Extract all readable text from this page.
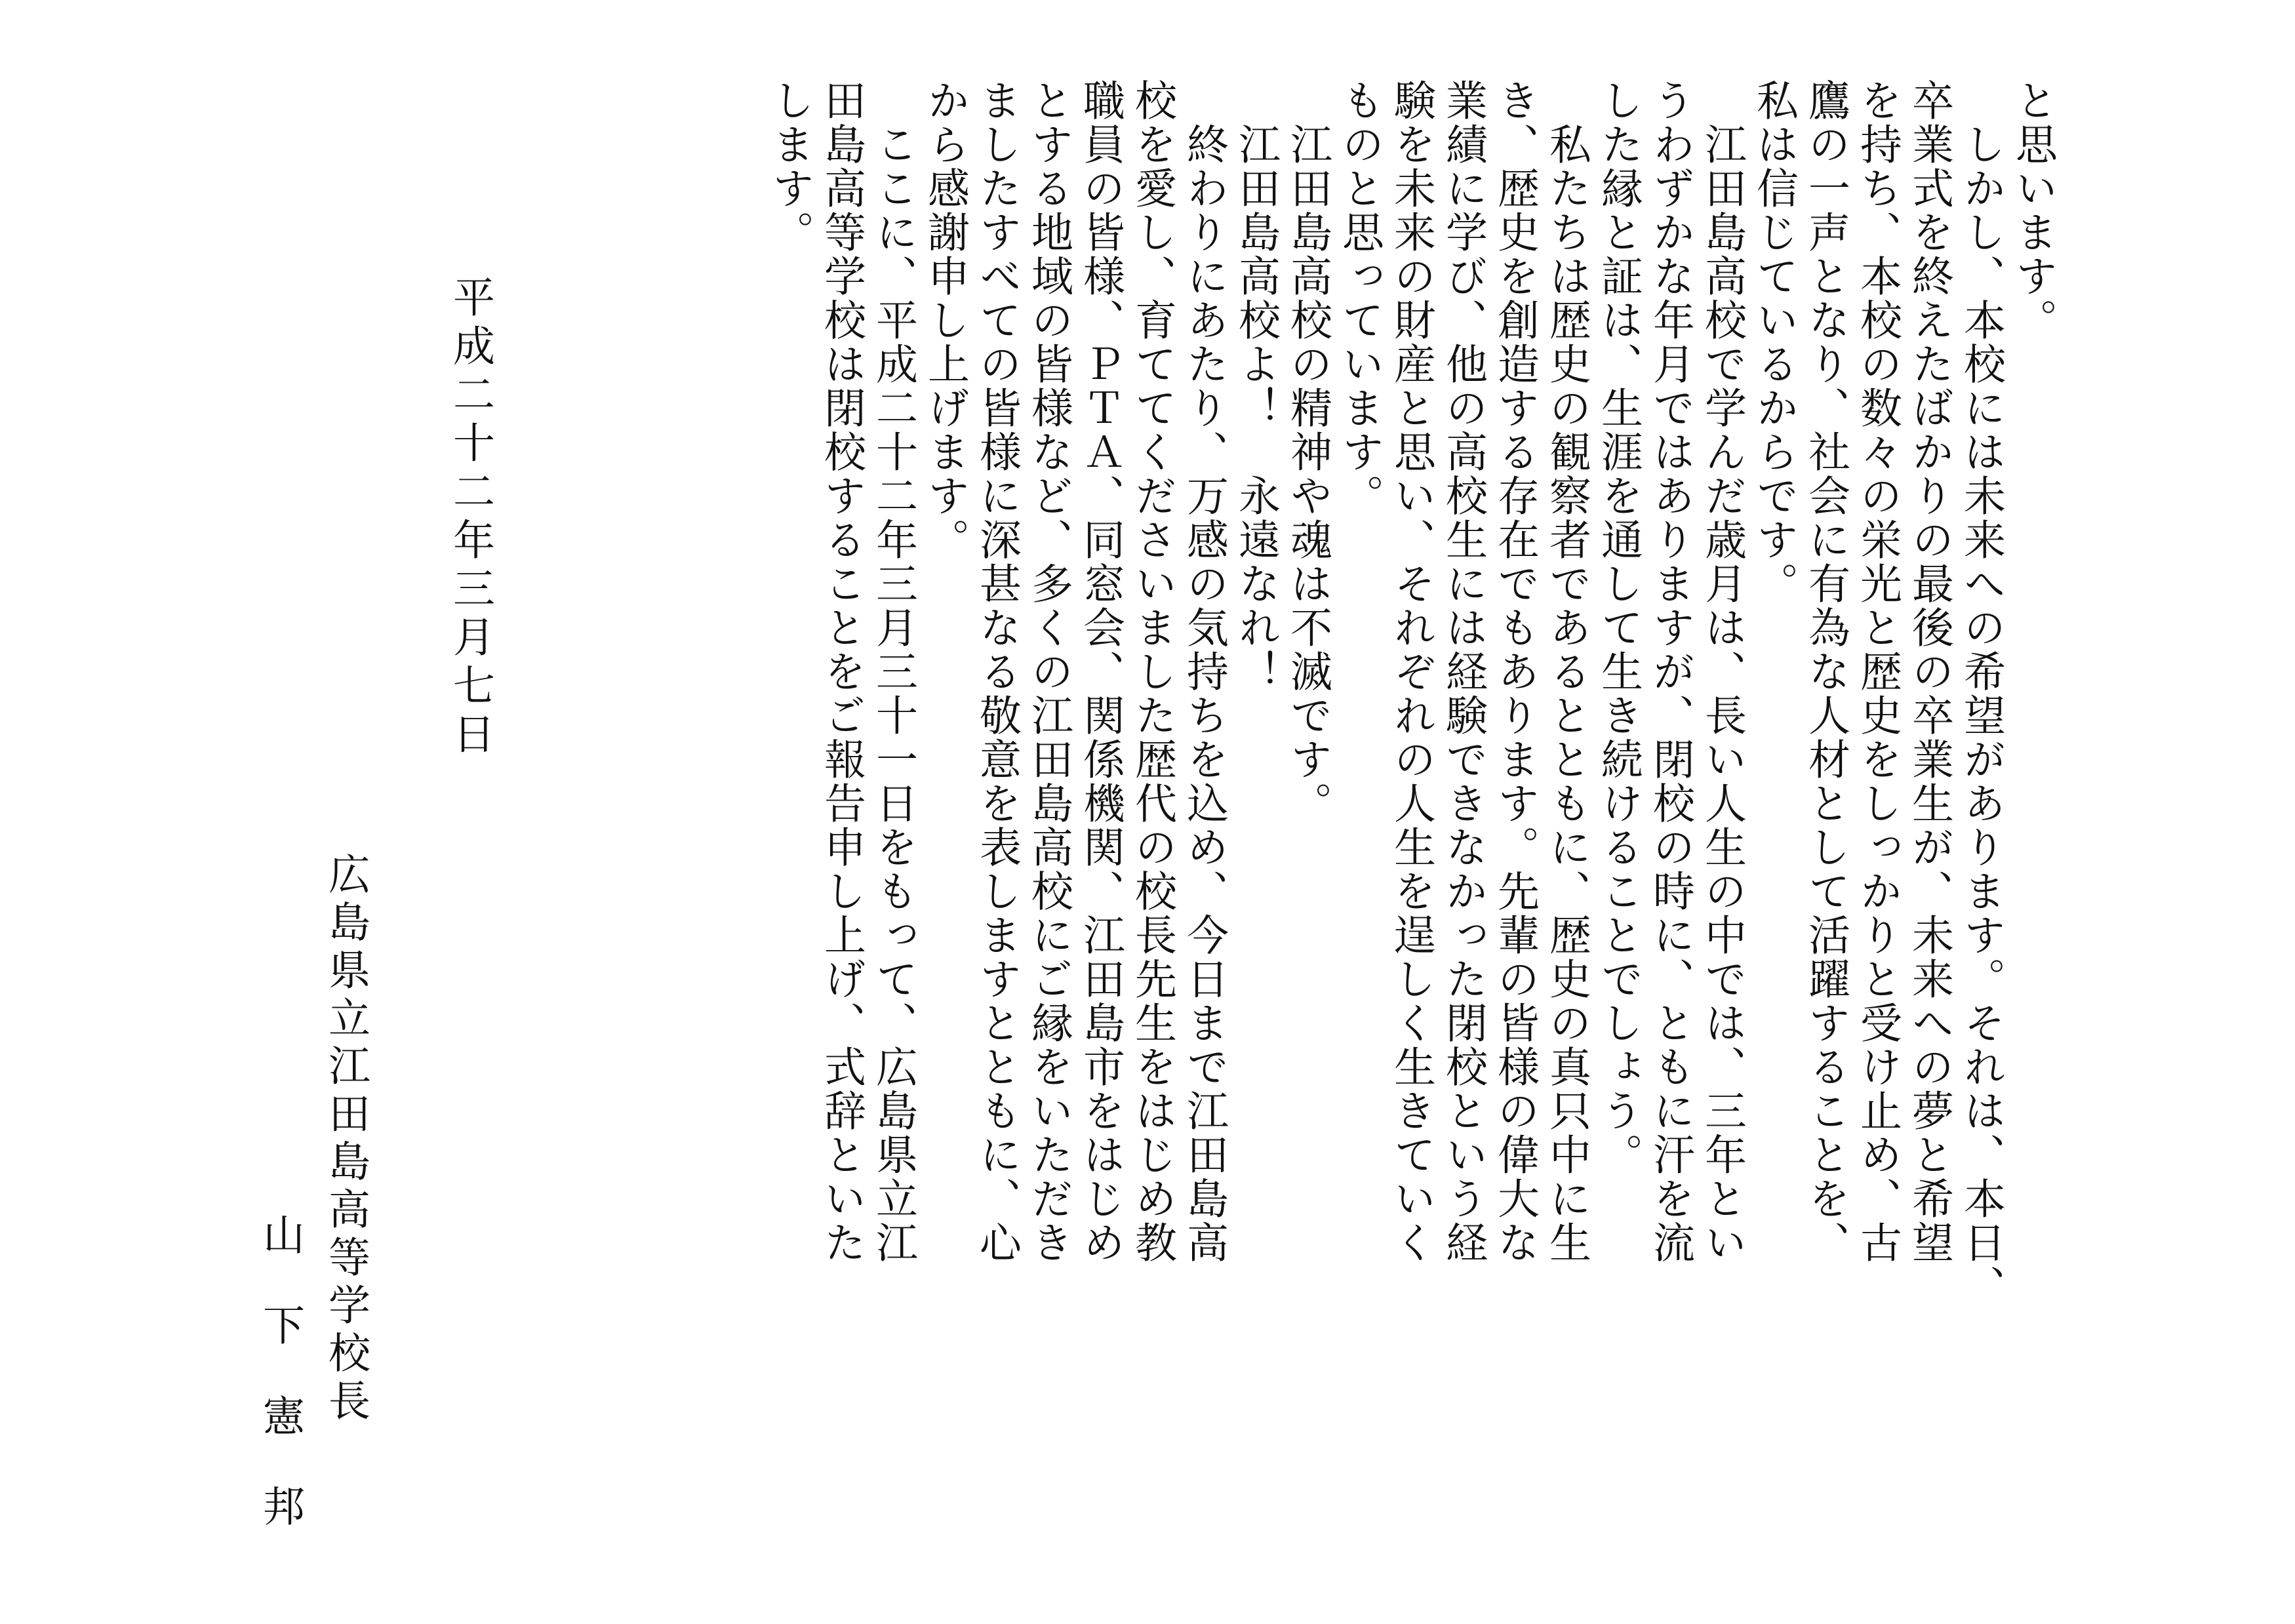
と思います。
　しかし、本校には未来への希望があります。それは、本日、
卒業式を終えたばかりの最後の卒業生が、未来への夢と希望
を持ち、本校の数々の栄光と歴史をしっかりと受け止め、古
鷹の一声となり、社会に有為な人材として活躍することを、
私は信じているからです。
　江田島高校で学んだ歳月は、長い人生の中では、三年とい
うわずかな年月ではありますが、閉校の時に、ともに汗を流
した縁と証は、生涯を通して生き続けることでしょう。
　私たちは歴史の観察者であるとともに、歴史の真只中に生
き、歴史を創造する存在でもあります。先輩の皆様の偉大な
業績に学び、他の高校生には経験できなかった閉校という経
験を未来の財産と思い、それぞれの人生を逞しく生きていく
ものと思っています。
　江田島高校の精神や魂は不滅です。
　江田島高校よ！　永遠なれ！
　終わりにあたり、万感の気持ちを込め、今日まで江田島高
校を愛し、育ててくださいました歴代の校長先生をはじめ教
職員の皆様、ＰＴＡ、同窓会、関係機関、江田島市をはじめ
とする地域の皆様など、多くの江田島高校にご縁をいただき
ましたすべての皆様に深甚なる敬意を表しますとともに、心
から感謝申し上げます。
　ここに、平成二十二年三月三十一日をもって、広島県立江
田島高等学校は閉校することをご報告申し上げ、式辞といた
します。
平成二十二年三月七日
広島県立江田島高等学校長
山下憲邦
